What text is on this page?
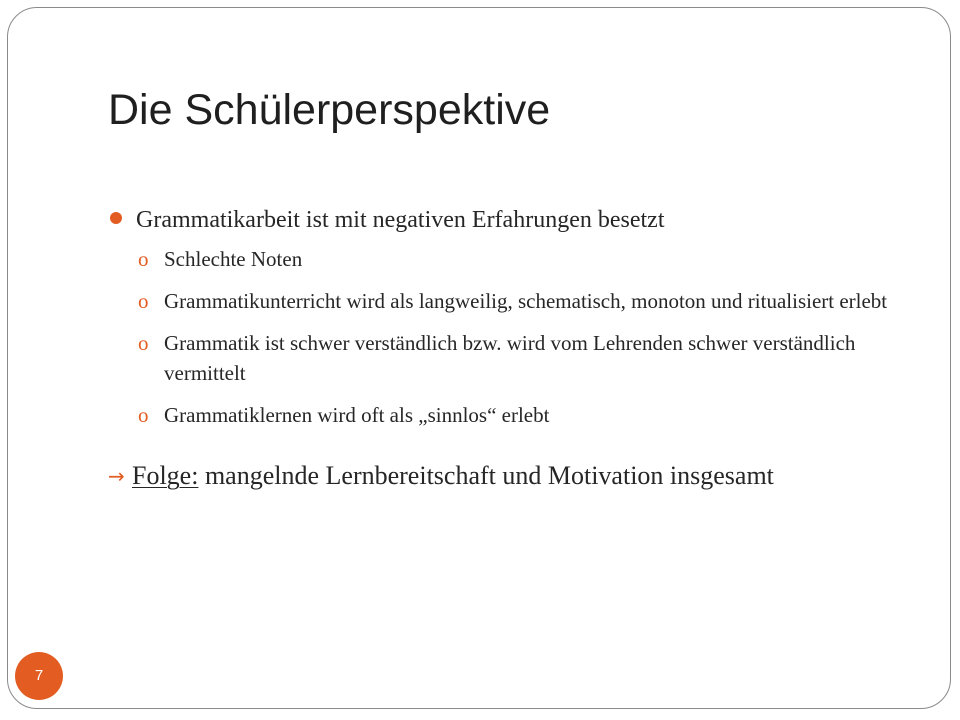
Die Schülerperspektive
Grammatikarbeit ist mit negativen Erfahrungen besetzt
o Schlechte Noten
o Grammatikunterricht wird als langweilig, schematisch, monoton und ritualisiert erlebt
o Grammatik ist schwer verständlich bzw. wird vom Lehrenden schwer verständlich vermittelt
o Grammatiklernen wird oft als „sinnlos“ erlebt
→ Folge: mangelnde Lernbereitschaft und Motivation insgesamt
7
